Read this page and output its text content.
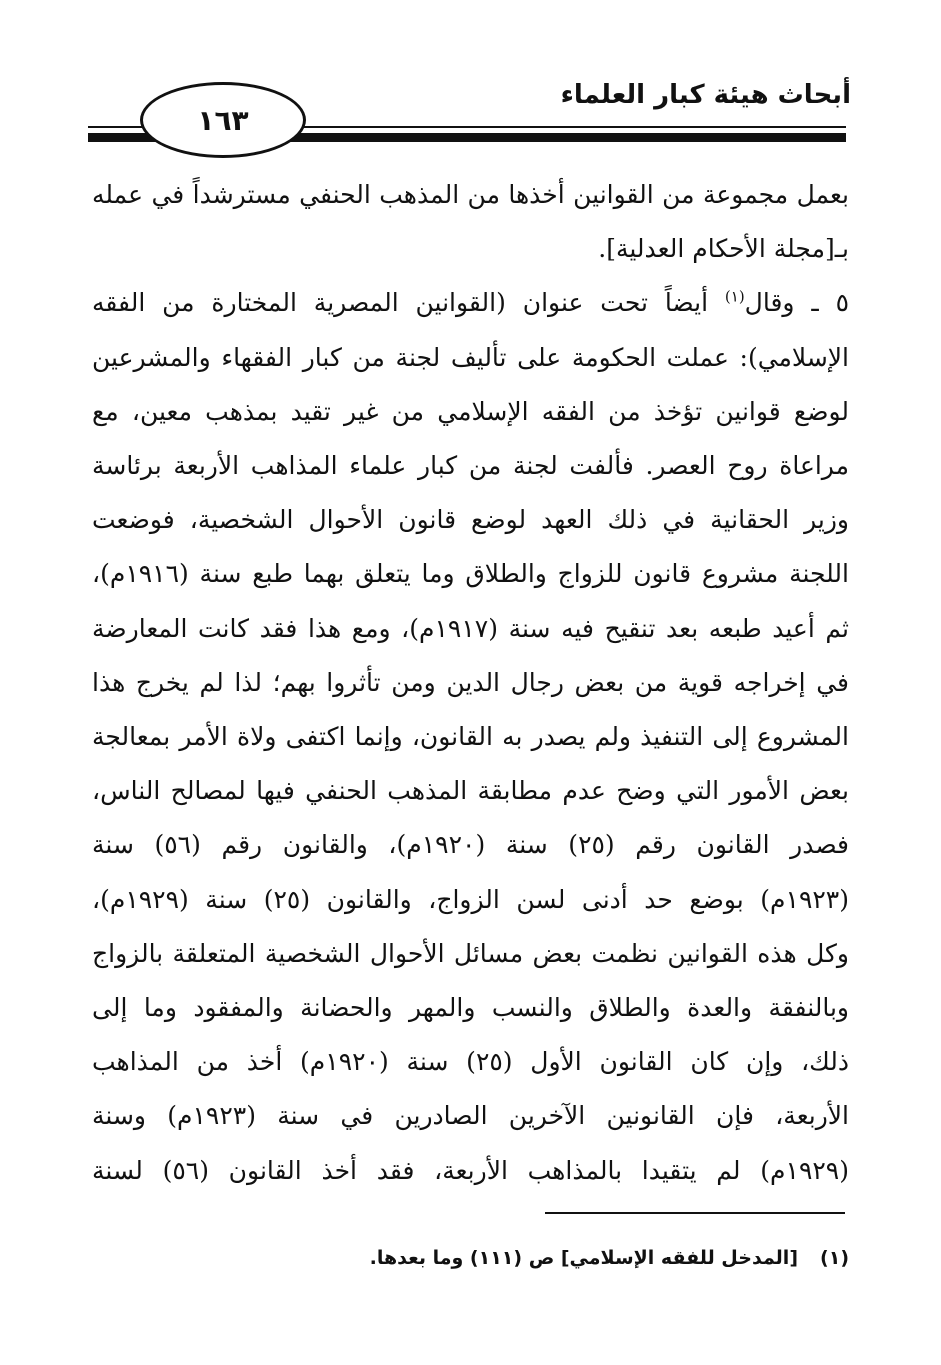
أبحاث هيئة كبار العلماء
١٦٣
بعمل مجموعة من القوانين أخذها من المذهب الحنفي مسترشداً في عمله
بـ[مجلة الأحكام العدلية].
٥ ـ وقال$^{(١)}$ أيضاً تحت عنوان (القوانين المصرية المختارة من الفقه
الإسلامي): عملت الحكومة على تأليف لجنة من كبار الفقهاء والمشرعين
لوضع قوانين تؤخذ من الفقه الإسلامي من غير تقيد بمذهب معين، مع
مراعاة روح العصر. فألفت لجنة من كبار علماء المذاهب الأربعة برئاسة
وزير الحقانية في ذلك العهد لوضع قانون الأحوال الشخصية، فوضعت
اللجنة مشروع قانون للزواج والطلاق وما يتعلق بهما طبع سنة (١٩١٦م)،
ثم أعيد طبعه بعد تنقيح فيه سنة (١٩١٧م)، ومع هذا فقد كانت المعارضة
في إخراجه قوية من بعض رجال الدين ومن تأثروا بهم؛ لذا لم يخرج هذا
المشروع إلى التنفيذ ولم يصدر به القانون، وإنما اكتفى ولاة الأمر بمعالجة
بعض الأمور التي وضح عدم مطابقة المذهب الحنفي فيها لمصالح الناس،
فصدر القانون رقم (٢٥) سنة (١٩٢٠م)، والقانون رقم (٥٦) سنة
(١٩٢٣م) بوضع حد أدنى لسن الزواج، والقانون (٢٥) سنة (١٩٢٩م)،
وكل هذه القوانين نظمت بعض مسائل الأحوال الشخصية المتعلقة بالزواج
وبالنفقة والعدة والطلاق والنسب والمهر والحضانة والمفقود وما إلى
ذلك، وإن كان القانون الأول (٢٥) سنة (١٩٢٠م) أخذ من المذاهب
الأربعة، فإن القانونين الآخرين الصادرين في سنة (١٩٢٣م) وسنة
(١٩٢٩م) لم يتقيدا بالمذاهب الأربعة، فقد أخذ القانون (٥٦) لسنة
(١)[المدخل للفقه الإسلامي] ص (١١١) وما بعدها.
